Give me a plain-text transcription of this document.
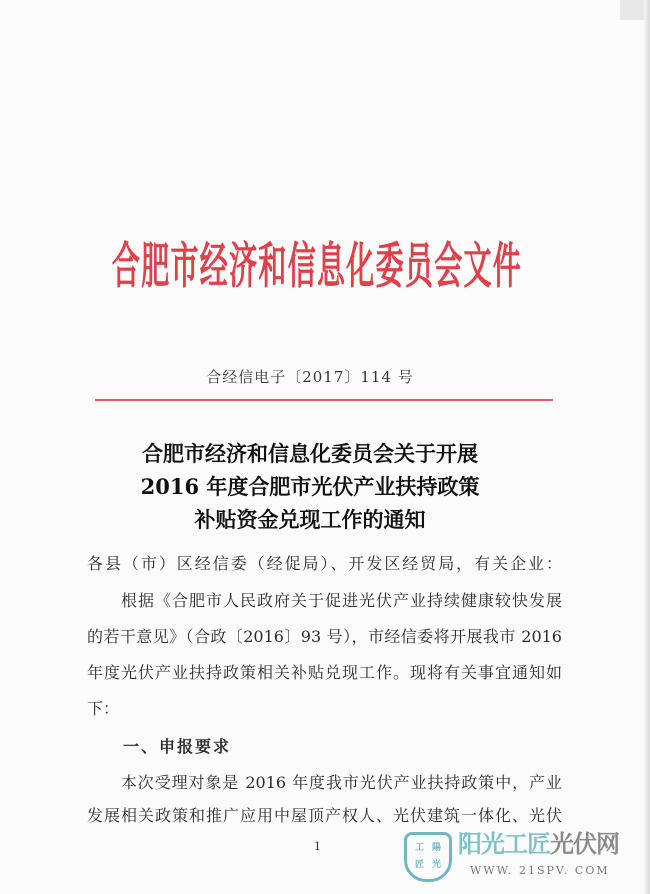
合肥市经济和信息化委员会文件
合经信电子〔2017〕114 号
合肥市经济和信息化委员会关于开展
2016 年度合肥市光伏产业扶持政策
补贴资金兑现工作的通知
各县（市）区经信委（经促局）、开发区经贸局，有关企业：
　　根据《合肥市人民政府关于促进光伏产业持续健康较快发展
的若干意见》（合政〔2016〕93 号），市经信委将开展我市 2016
年度光伏产业扶持政策相关补贴兑现工作。现将有关事宜通知如
下：
　　一、申报要求
　　本次受理对象是 2016 年度我市光伏产业扶持政策中，产业
发展相关政策和推广应用中屋顶产权人、光伏建筑一体化、光伏
1	工 陽
匠 光
阳光工匠光伏网
WWW. 21SPV. COM
